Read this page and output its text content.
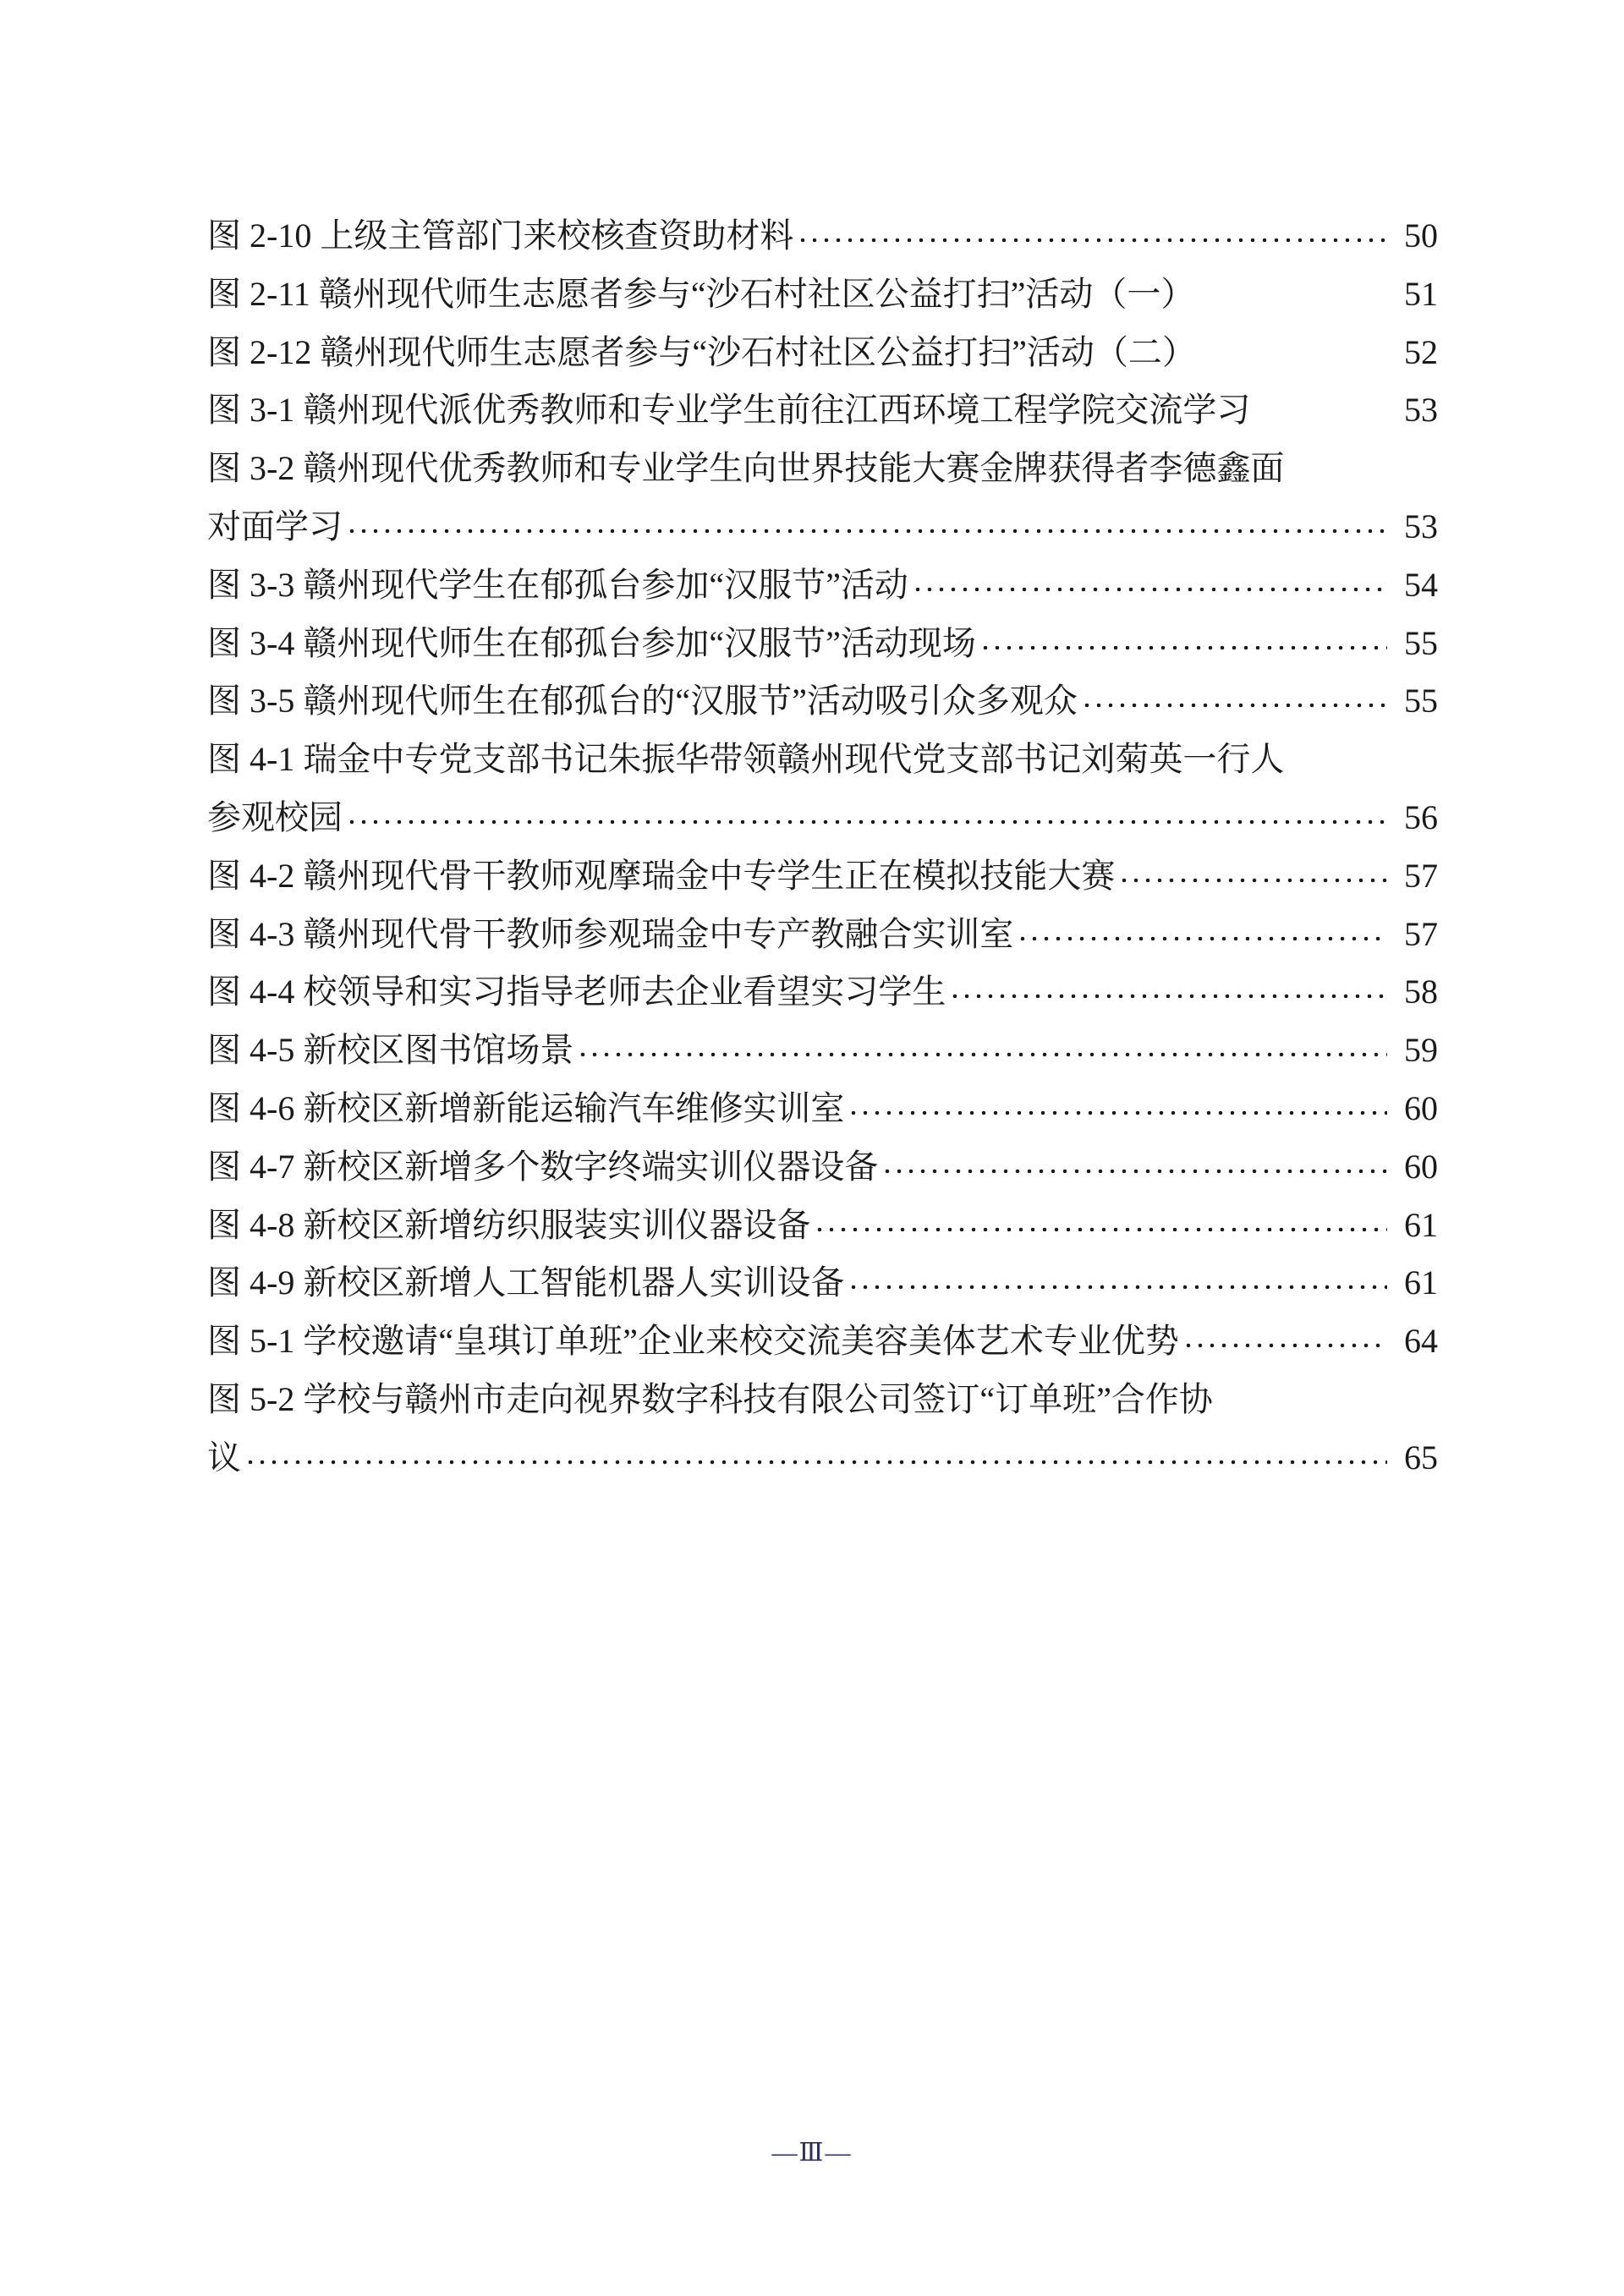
图 2-10 上级主管部门来校核查资助材料	50
图 2-11 赣州现代师生志愿者参与“沙石村社区公益打扫”活动（一）	51
图 2-12 赣州现代师生志愿者参与“沙石村社区公益打扫”活动（二）	52
图 3-1 赣州现代派优秀教师和专业学生前往江西环境工程学院交流学习	53
图 3-2 赣州现代优秀教师和专业学生向世界技能大赛金牌获得者李德鑫面
对面学习	53
图 3-3 赣州现代学生在郁孤台参加“汉服节”活动	54
图 3-4 赣州现代师生在郁孤台参加“汉服节”活动现场	55
图 3-5 赣州现代师生在郁孤台的“汉服节”活动吸引众多观众	55
图 4-1 瑞金中专党支部书记朱振华带领赣州现代党支部书记刘菊英一行人
参观校园	56
图 4-2 赣州现代骨干教师观摩瑞金中专学生正在模拟技能大赛	57
图 4-3 赣州现代骨干教师参观瑞金中专产教融合实训室	57
图 4-4 校领导和实习指导老师去企业看望实习学生	58
图 4-5 新校区图书馆场景	59
图 4-6 新校区新增新能运输汽车维修实训室	60
图 4-7 新校区新增多个数字终端实训仪器设备	60
图 4-8 新校区新增纺织服装实训仪器设备	61
图 4-9 新校区新增人工智能机器人实训设备	61
图 5-1 学校邀请“皇琪订单班”企业来校交流美容美体艺术专业优势	64
图 5-2 学校与赣州市走向视界数字科技有限公司签订“订单班”合作协
议	65
—Ⅲ—
